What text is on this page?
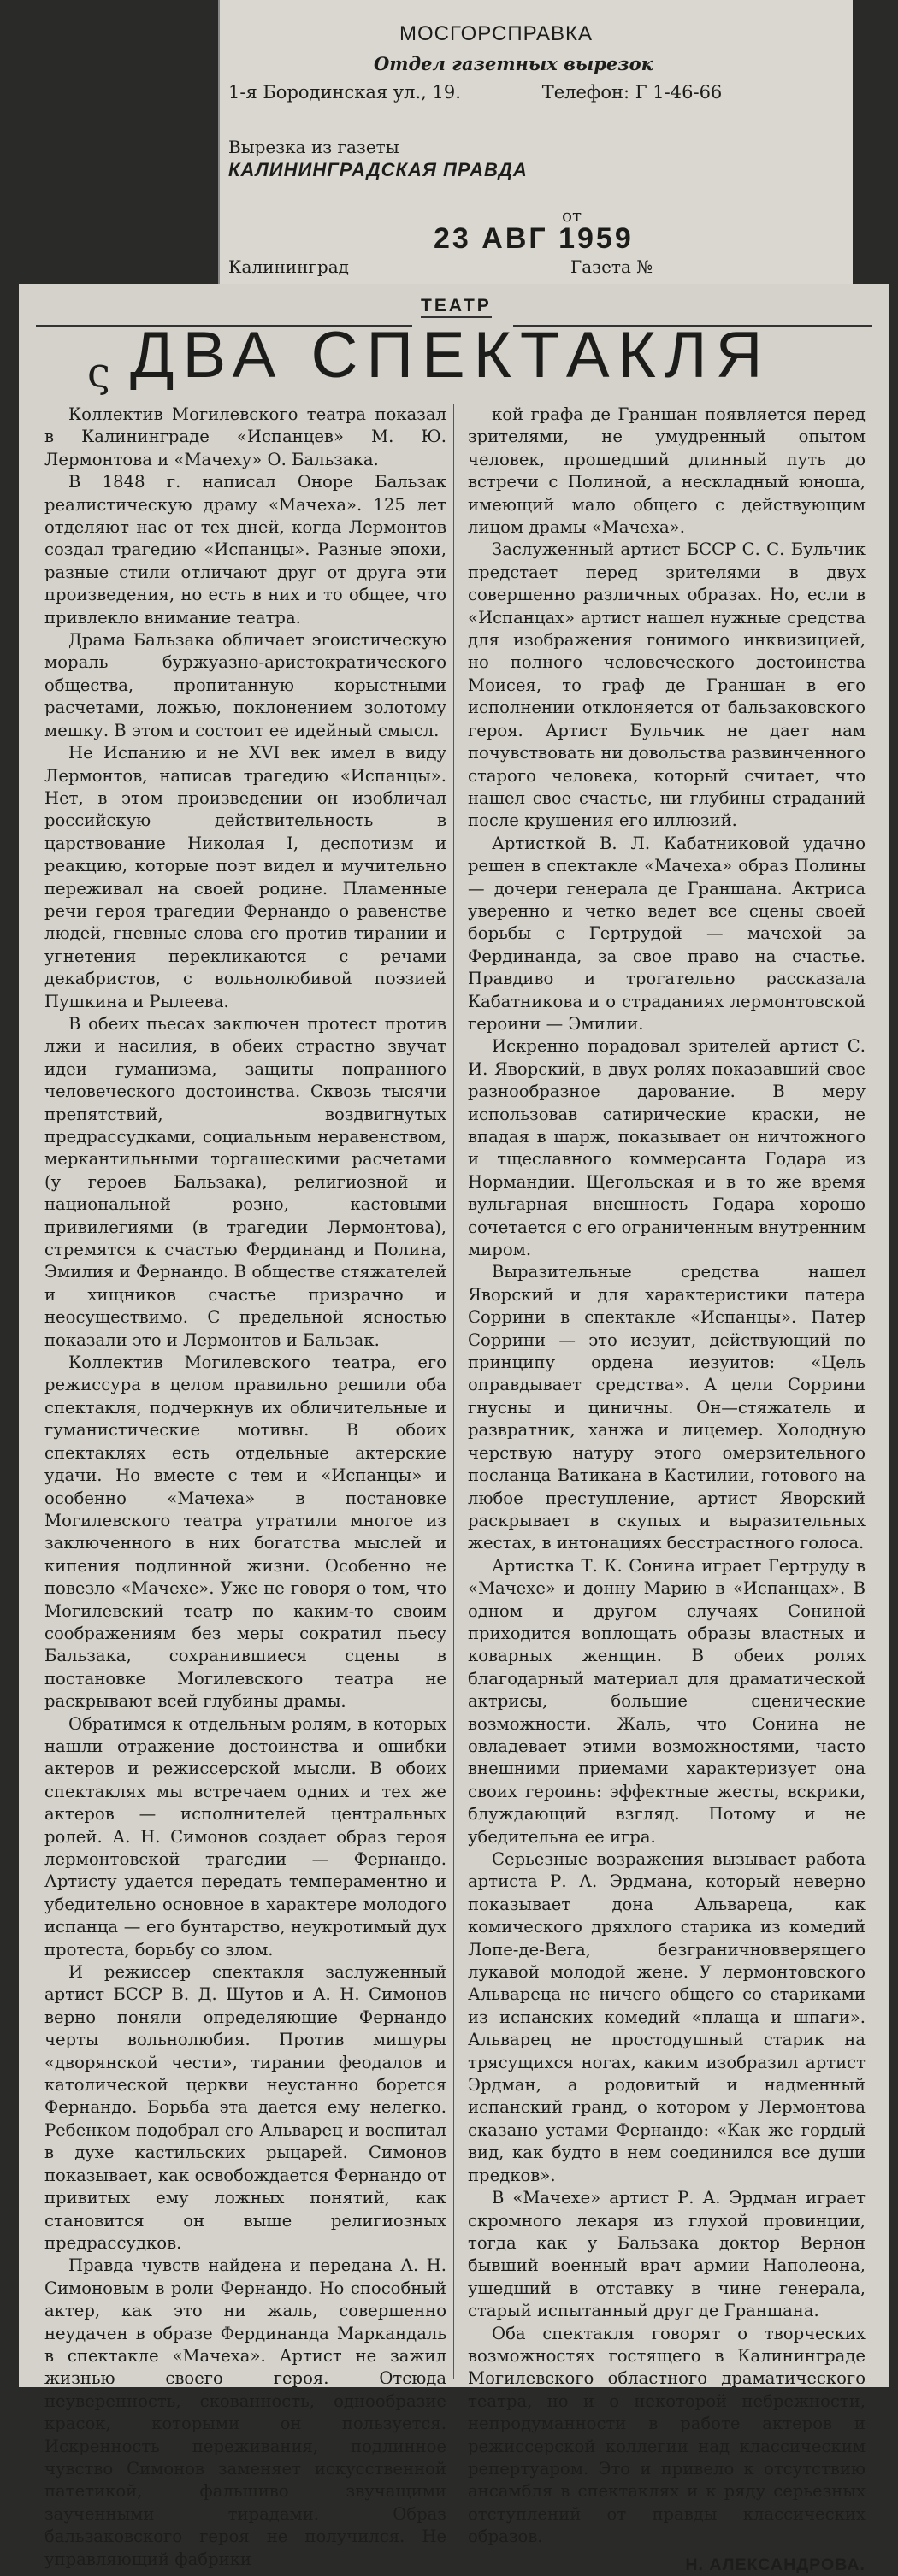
МОСГОРСПРАВКА
Отдел газетных вырезок
1-я Бородинская ул., 19.	Телефон: Г 1-46-66
Вырезка из газеты
КАЛИНИНГРАДСКАЯ ПРАВДА
от
23 АВГ 1959
Калининград	Газета №
ТЕАТР
ς ДВА СПЕКТАКЛЯ

Коллектив Могилевского театра показал в Калининграде «Испанцев» М. Ю. Лермонтова и «Мачеху» О. Бальзака.

В 1848 г. написал Оноре Бальзак реалистическую драму «Мачеха». 125 лет отделяют нас от тех дней, когда Лермонтов создал трагедию «Испанцы». Разные эпохи, разные стили отличают друг от друга эти произведения, но есть в них и то общее, что привлекло внимание театра.

Драма Бальзака обличает эгоистическую мораль буржуазно-аристократического общества, пропитанную корыстными расчетами, ложью, поклонением золотому мешку. В этом и состоит ее идейный смысл.

Не Испанию и не XVI век имел в виду Лермонтов, написав трагедию «Испанцы». Нет, в этом произведении он изобличал российскую действительность в царствование Николая I, деспотизм и реакцию, которые поэт видел и мучительно переживал на своей родине. Пламенные речи героя трагедии Фернандо о равенстве людей, гневные слова его против тирании и угнетения перекликаются с речами декабристов, с вольнолюбивой поэзией Пушкина и Рылеева.

В обеих пьесах заключен протест против лжи и насилия, в обеих страстно звучат идеи гуманизма, защиты попранного человеческого достоинства. Сквозь тысячи препятствий, воздвигнутых предрассудками, социальным неравенством, меркантильными торгашескими расчетами (у героев Бальзака), религиозной и национальной розно, кастовыми привилегиями (в трагедии Лермонтова), стремятся к счастью Фердинанд и Полина, Эмилия и Фернандо. В обществе стяжателей и хищников счастье призрачно и неосуществимо. С предельной ясностью показали это и Лермонтов и Бальзак.

Коллектив Могилевского театра, его режиссура в целом правильно решили оба спектакля, подчеркнув их обличительные и гуманистические мотивы. В обоих спектаклях есть отдельные актерские удачи. Но вместе с тем и «Испанцы» и особенно «Мачеха» в постановке Могилевского театра утратили многое из заключенного в них богатства мыслей и кипения подлинной жизни. Особенно не повезло «Мачехе». Уже не говоря о том, что Могилевский театр по каким-то своим соображениям без меры сократил пьесу Бальзака, сохранившиеся сцены в постановке Могилевского театра не раскрывают всей глубины драмы.

Обратимся к отдельным ролям, в которых нашли отражение достоинства и ошибки актеров и режиссерской мысли. В обоих спектаклях мы встречаем одних и тех же актеров — исполнителей центральных ролей. А. Н. Симонов создает образ героя лермонтовской трагедии — Фернандо. Артисту удается передать темпераментно и убедительно основное в характере молодого испанца — его бунтарство, неукротимый дух протеста, борьбу со злом.

И режиссер спектакля заслуженный артист БССР В. Д. Шутов и А. Н. Симонов верно поняли определяющие Фернандо черты вольнолюбия. Против мишуры «дворянской чести», тирании феодалов и католической церкви неустанно борется Фернандо. Борьба эта дается ему нелегко. Ребенком подобрал его Альварец и воспитал в духе кастильских рыцарей. Симонов показывает, как освобождается Фернандо от привитых ему ложных понятий, как становится он выше религиозных предрассудков.

Правда чувств найдена и передана А. Н. Симоновым в роли Фернандо. Но способный актер, как это ни жаль, совершенно неудачен в образе Фердинанда Маркандаль в спектакле «Мачеха». Артист не зажил жизнью своего героя. Отсюда неуверенность, скованность, однообразие красок, которыми он пользуется. Искренность переживания, подлинное чувство Симонов заменяет искусственной патетикой, фальшиво звучащими заученными тирадами. Образ бальзаковского героя не получился. Не управляющий фабрики

кой графа де Граншан появляется перед зрителями, не умудренный опытом человек, прошедший длинный путь до встречи с Полиной, а нескладный юноша, имеющий мало общего с действующим лицом драмы «Мачеха».

Заслуженный артист БССР С. С. Бульчик предстает перед зрителями в двух совершенно различных образах. Но, если в «Испанцах» артист нашел нужные средства для изображения гонимого инквизицией, но полного человеческого достоинства Моисея, то граф де Граншан в его исполнении отклоняется от бальзаковского героя. Артист Бульчик не дает нам почувствовать ни довольства развинченного старого человека, который считает, что нашел свое счастье, ни глубины страданий после крушения его иллюзий.

Артисткой В. Л. Кабатниковой удачно решен в спектакле «Мачеха» образ Полины — дочери генерала де Граншана. Актриса уверенно и четко ведет все сцены своей борьбы с Гертрудой — мачехой за Фердинанда, за свое право на счастье. Правдиво и трогательно рассказала Кабатникова и о страданиях лермонтовской героини — Эмилии.

Искренно порадовал зрителей артист С. И. Яворский, в двух ролях показавший свое разнообразное дарование. В меру использовав сатирические краски, не впадая в шарж, показывает он ничтожного и тщеславного коммерсанта Годара из Нормандии. Щегольская и в то же время вульгарная внешность Годара хорошо сочетается с его ограниченным внутренним миром.

Выразительные средства нашел Яворский и для характеристики патера Соррини в спектакле «Испанцы». Патер Соррини — это иезуит, действующий по принципу ордена иезуитов: «Цель оправдывает средства». А цели Соррини гнусны и циничны. Он—стяжатель и развратник, ханжа и лицемер. Холодную черствую натуру этого омерзительного посланца Ватикана в Кастилии, готового на любое преступление, артист Яворский раскрывает в скупых и выразительных жестах, в интонациях бесстрастного голоса.

Артистка Т. К. Сонина играет Гертруду в «Мачехе» и донну Марию в «Испанцах». В одном и другом случаях Сониной приходится воплощать образы властных и коварных женщин. В обеих ролях благодарный материал для драматической актрисы, большие сценические возможности. Жаль, что Сонина не овладевает этими возможностями, часто внешними приемами характеризует она своих героинь: эффектные жесты, вскрики, блуждающий взгляд. Потому и не убедительна ее игра.

Серьезные возражения вызывает работа артиста Р. А. Эрдмана, который неверно показывает дона Альвареца, как комического дряхлого старика из комедий Лопе-де-Вега, безграничновверящего лукавой молодой жене. У лермонтовского Альвареца не ничего общего со стариками из испанских комедий «плаща и шпаги». Альварец не простодушный старик на трясущихся ногах, каким изобразил артист Эрдман, а родовитый и надменный испанский гранд, о котором у Лермонтова сказано устами Фернандо: «Как же гордый вид, как будто в нем соединился все души предков».

В «Мачехе» артист Р. А. Эрдман играет скромного лекаря из глухой провинции, тогда как у Бальзака доктор Вернон бывший военный врач армии Наполеона, ушедший в отставку в чине генерала, старый испытанный друг де Граншана.

Оба спектакля говорят о творческих возможностях гостящего в Калининграде Могилевского областного драматического театра, но и о некоторой небрежности, непродуманности в работе актеров и режиссерской коллегии над классическим репертуаром. Это и привело к отсутствию ансамбля в спектаклях и к ряду серьезных отступлений от правды классических образов.

Н. АЛЕКСАНДРОВА.
